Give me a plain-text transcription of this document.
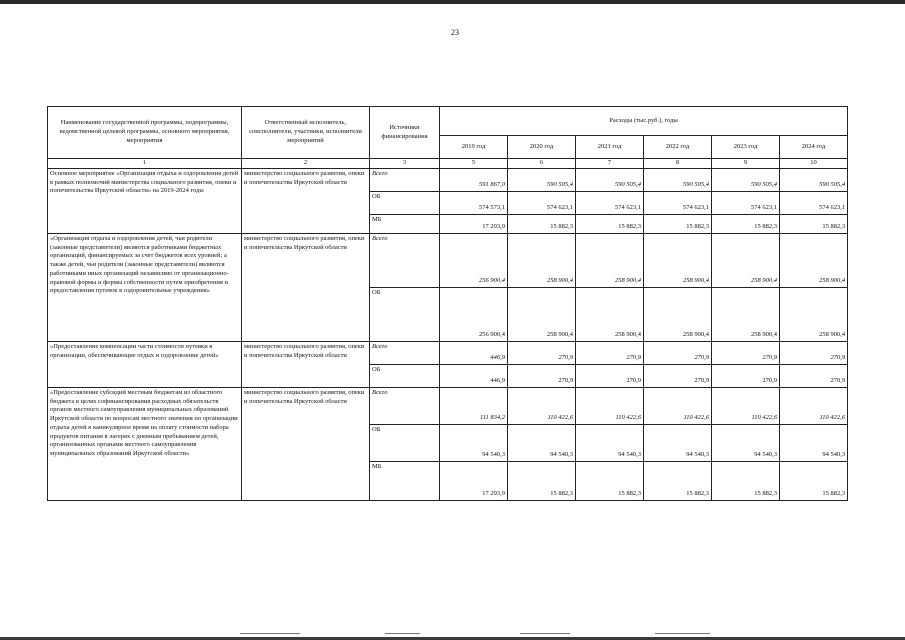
23
Наименование государственной программы, подпрограммы, ведомственной целевой программы, основного мероприятия, мероприятия	Ответственный исполнитель, соисполнители, участники, исполнители мероприятий	Источники финансирования	Расходы (тыс.руб.), годы					
			2019 год	2020 год	2021 год	2022 год	2023 год	2024 год
1	2	3	5	6	7	8	9	10
Основное мероприятие «Организация отдыха и оздоровления детей в рамках полномочий министерства социального развития, опеки и попечительства Иркутской области» на 2019-2024 годы	министерство социального развития, опеки и попечительства Иркутской области	Всего	591 867,0	590 505,4	590 505,4	590 505,4	590 505,4	590 505,4
		ОБ	574 573,1	574 623,1	574 623,1	574 623,1	574 623,1	574 623,1
		МБ	17 293,9	15 882,3	15 882,3	15 882,3	15 882,3	15 882,3
«Организация отдыха и оздоровления детей, чьи родители (законные представители) являются работниками бюджетных организаций, финансируемых за счет бюджетов всех уровней; а также детей, чьи родители (законные представители) являются работниками иных организаций независимо от организационно-правовой формы и формы собственности путем приобретения и предоставления путевок в оздоровительные учреждения»	министерство социального развития, опеки и попечительства Иркутской области	Всего	256 900,4	258 900,4	258 900,4	258 900,4	258 900,4	258 900,4
		ОБ	256 900,4	258 900,4	258 900,4	258 900,4	258 900,4	258 900,4
«Предоставление компенсации части стоимости путевки в организации, обеспечивающие отдых и оздоровление детей»	министерство социального развития, опеки и попечительства Иркутской области	Всего	446,9	270,9	270,9	270,9	270,9	270,9
		ОБ	446,9	270,9	270,9	270,9	270,9	270,9
«Предоставление субсидий местным бюджетам из областного бюджета в целях софинансирования расходных обязательств органов местного самоуправления муниципальных образований Иркутской области по вопросам местного значения по организации отдыха детей в каникулярное время на оплату стоимости набора продуктов питания в лагерях с дневным пребыванием детей, организованных органами местного самоуправления муниципальных образований Иркутской области»	министерство социального развития, опеки и попечительства Иркутской области	Всего	111 834,2	110 422,6	110 422,6	110 422,6	110 422,6	110 422,6
		ОБ	94 540,3	94 540,3	94 540,3	94 540,3	94 540,3	94 540,3
		МБ	17 293,9	15 882,3	15 882,3	15 882,3	15 882,3	15 882,3
